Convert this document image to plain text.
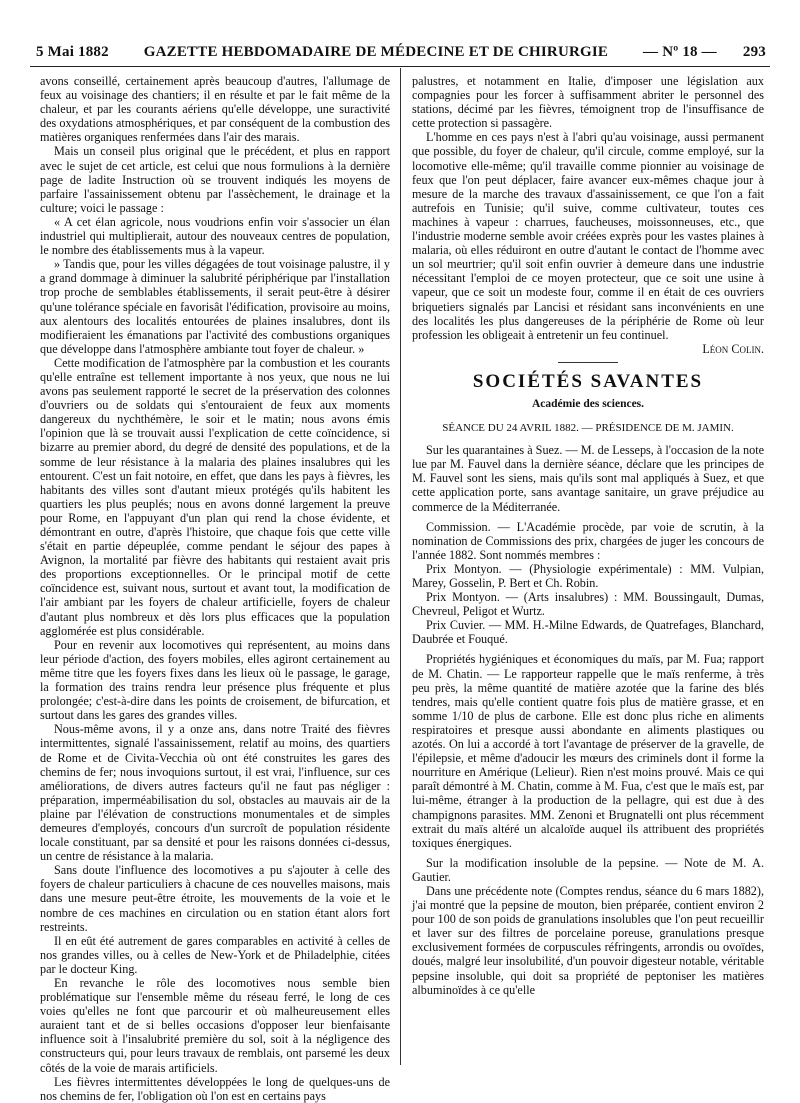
5 Mai 1882	GAZETTE HEBDOMADAIRE DE MÉDECINE ET DE CHIRURGIE	— Nº 18 — 293

avons conseillé, certainement après beaucoup d'autres, l'allumage de feux au voisinage des chantiers; il en résulte et par le fait même de la chaleur, et par les courants aériens qu'elle développe, une suractivité des oxydations atmosphériques, et par conséquent de la combustion des matières organiques renfermées dans l'air des marais.

Mais un conseil plus original que le précédent, et plus en rapport avec le sujet de cet article, est celui que nous formulions à la dernière page de ladite Instruction où se trouvent indiqués les moyens de parfaire l'assainissement obtenu par l'assèchement, le drainage et la culture; voici le passage :

« A cet élan agricole, nous voudrions enfin voir s'associer un élan industriel qui multiplierait, autour des nouveaux centres de population, le nombre des établissements mus à la vapeur.

» Tandis que, pour les villes dégagées de tout voisinage palustre, il y a grand dommage à diminuer la salubrité périphérique par l'installation trop proche de semblables établissements, il serait peut-être à désirer qu'une tolérance spéciale en favorisât l'édification, provisoire au moins, aux alentours des localités entourées de plaines insalubres, dont ils modifieraient les émanations par l'activité des combustions organiques que développe dans l'atmosphère ambiante tout foyer de chaleur. »

Cette modification de l'atmosphère par la combustion et les courants qu'elle entraîne est tellement importante à nos yeux, que nous ne lui avons pas seulement rapporté le secret de la préservation des colonnes d'ouvriers ou de soldats qui s'entouraient de feux aux moments dangereux du nychthémère, le soir et le matin; nous avons émis l'opinion que là se trouvait aussi l'explication de cette coïncidence, si bizarre au premier abord, du degré de densité des populations, et de la somme de leur résistance à la malaria des plaines insalubres qui les entourent. C'est un fait notoire, en effet, que dans les pays à fièvres, les habitants des villes sont d'autant mieux protégés qu'ils habitent les quartiers les plus peuplés; nous en avons donné largement la preuve pour Rome, en l'appuyant d'un plan qui rend la chose évidente, et démontrant en outre, d'après l'histoire, que chaque fois que cette ville s'était en partie dépeuplée, comme pendant le séjour des papes à Avignon, la mortalité par fièvre des habitants qui restaient avait pris des proportions exceptionnelles. Or le principal motif de cette coïncidence est, suivant nous, surtout et avant tout, la modification de l'air ambiant par les foyers de chaleur artificielle, foyers de chaleur d'autant plus nombreux et dès lors plus efficaces que la population agglomérée est plus considérable.

Pour en revenir aux locomotives qui représentent, au moins dans leur période d'action, des foyers mobiles, elles agiront certainement au même titre que les foyers fixes dans les lieux où le passage, le garage, la formation des trains rendra leur présence plus fréquente et plus prolongée; c'est-à-dire dans les points de croisement, de bifurcation, et surtout dans les gares des grandes villes.

Nous-même avons, il y a onze ans, dans notre Traité des fièvres intermittentes, signalé l'assainissement, relatif au moins, des quartiers de Rome et de Civita-Vecchia où ont été construites les gares des chemins de fer; nous invoquions surtout, il est vrai, l'influence, sur ces améliorations, de divers autres facteurs qu'il ne faut pas négliger : préparation, imperméabilisation du sol, obstacles au mauvais air de la plaine par l'élévation de constructions monumentales et de simples demeures d'employés, concours d'un surcroît de population résidente locale constituant, par sa densité et pour les raisons données ci-dessus, un centre de résistance à la malaria.

Sans doute l'influence des locomotives a pu s'ajouter à celle des foyers de chaleur particuliers à chacune de ces nouvelles maisons, mais dans une mesure peut-être étroite, les mouvements de la voie et le nombre de ces machines en circulation ou en station étant alors fort restreints.

Il en eût été autrement de gares comparables en activité à celles de nos grandes villes, ou à celles de New-York et de Philadelphie, citées par le docteur King.

En revanche le rôle des locomotives nous semble bien problématique sur l'ensemble même du réseau ferré, le long de ces voies qu'elles ne font que parcourir et où malheureusement elles auraient tant et de si belles occasions d'opposer leur bienfaisante influence soit à l'insalubrité première du sol, soit à la négligence des constructeurs qui, pour leurs travaux de remblais, ont parsemé les deux côtés de la voie de marais artificiels.

Les fièvres intermittentes développées le long de quelques-uns de nos chemins de fer, l'obligation où l'on est en certains pays

palustres, et notamment en Italie, d'imposer une législation aux compagnies pour les forcer à suffisamment abriter le personnel des stations, décimé par les fièvres, témoignent trop de l'insuffisance de cette protection si passagère.

L'homme en ces pays n'est à l'abri qu'au voisinage, aussi permanent que possible, du foyer de chaleur, qu'il circule, comme employé, sur la locomotive elle-même; qu'il travaille comme pionnier au voisinage de feux que l'on peut déplacer, faire avancer eux-mêmes chaque jour à mesure de la marche des travaux d'assainissement, ce que l'on a fait autrefois en Tunisie; qu'il suive, comme cultivateur, toutes ces machines à vapeur : charrues, faucheuses, moissonneuses, etc., que l'industrie moderne semble avoir créées exprès pour les vastes plaines à malaria, où elles réduiront en outre d'autant le contact de l'homme avec un sol meurtrier; qu'il soit enfin ouvrier à demeure dans une industrie nécessitant l'emploi de ce moyen protecteur, que ce soit une usine à vapeur, que ce soit un modeste four, comme il en était de ces ouvriers briquetiers signalés par Lancisi et résidant sans inconvénients en une des localités les plus dangereuses de la périphérie de Rome où leur profession les obligeait à entretenir un feu continuel.

Léon Colin.

SOCIÉTÉS SAVANTES
Académie des sciences.
SÉANCE DU 24 AVRIL 1882. — PRÉSIDENCE DE M. JAMIN.

Sur les quarantaines à Suez. — M. de Lesseps, à l'occasion de la note lue par M. Fauvel dans la dernière séance, déclare que les principes de M. Fauvel sont les siens, mais qu'ils sont mal appliqués à Suez, et que cette application porte, sans avantage sanitaire, un grave préjudice au commerce de la Méditerranée.

Commission. — L'Académie procède, par voie de scrutin, à la nomination de Commissions des prix, chargées de juger les concours de l'année 1882. Sont nommés membres :

Prix Montyon. — (Physiologie expérimentale) : MM. Vulpian, Marey, Gosselin, P. Bert et Ch. Robin.

Prix Montyon. — (Arts insalubres) : MM. Boussingault, Dumas, Chevreul, Peligot et Wurtz.

Prix Cuvier. — MM. H.-Milne Edwards, de Quatrefages, Blanchard, Daubrée et Fouqué.

Propriétés hygiéniques et économiques du maïs, par M. Fua; rapport de M. Chatin. — Le rapporteur rappelle que le maïs renferme, à très peu près, la même quantité de matière azotée que la farine des blés tendres, mais qu'elle contient quatre fois plus de matière grasse, et en somme 1/10 de plus de carbone. Elle est donc plus riche en aliments respiratoires et presque aussi abondante en aliments plastiques ou azotés. On lui a accordé à tort l'avantage de préserver de la gravelle, de l'épilepsie, et même d'adoucir les mœurs des criminels dont il forme la nourriture en Amérique (Lelieur). Rien n'est moins prouvé. Mais ce qui paraît démontré à M. Chatin, comme à M. Fua, c'est que le maïs est, par lui-même, étranger à la production de la pellagre, qui est due à des champignons parasites. MM. Zenoni et Brugnatelli ont plus récemment extrait du maïs altéré un alcaloïde auquel ils attribuent des propriétés toxiques énergiques.

Sur la modification insoluble de la pepsine. — Note de M. A. Gautier.

Dans une précédente note (Comptes rendus, séance du 6 mars 1882), j'ai montré que la pepsine de mouton, bien préparée, contient environ 2 pour 100 de son poids de granulations insolubles que l'on peut recueillir et laver sur des filtres de porcelaine poreuse, granulations presque exclusivement formées de corpuscules réfringents, arrondis ou ovoïdes, doués, malgré leur insolubilité, d'un pouvoir digesteur notable, véritable pepsine insoluble, qui doit sa propriété de peptoniser les matières albuminoïdes à ce qu'elle
